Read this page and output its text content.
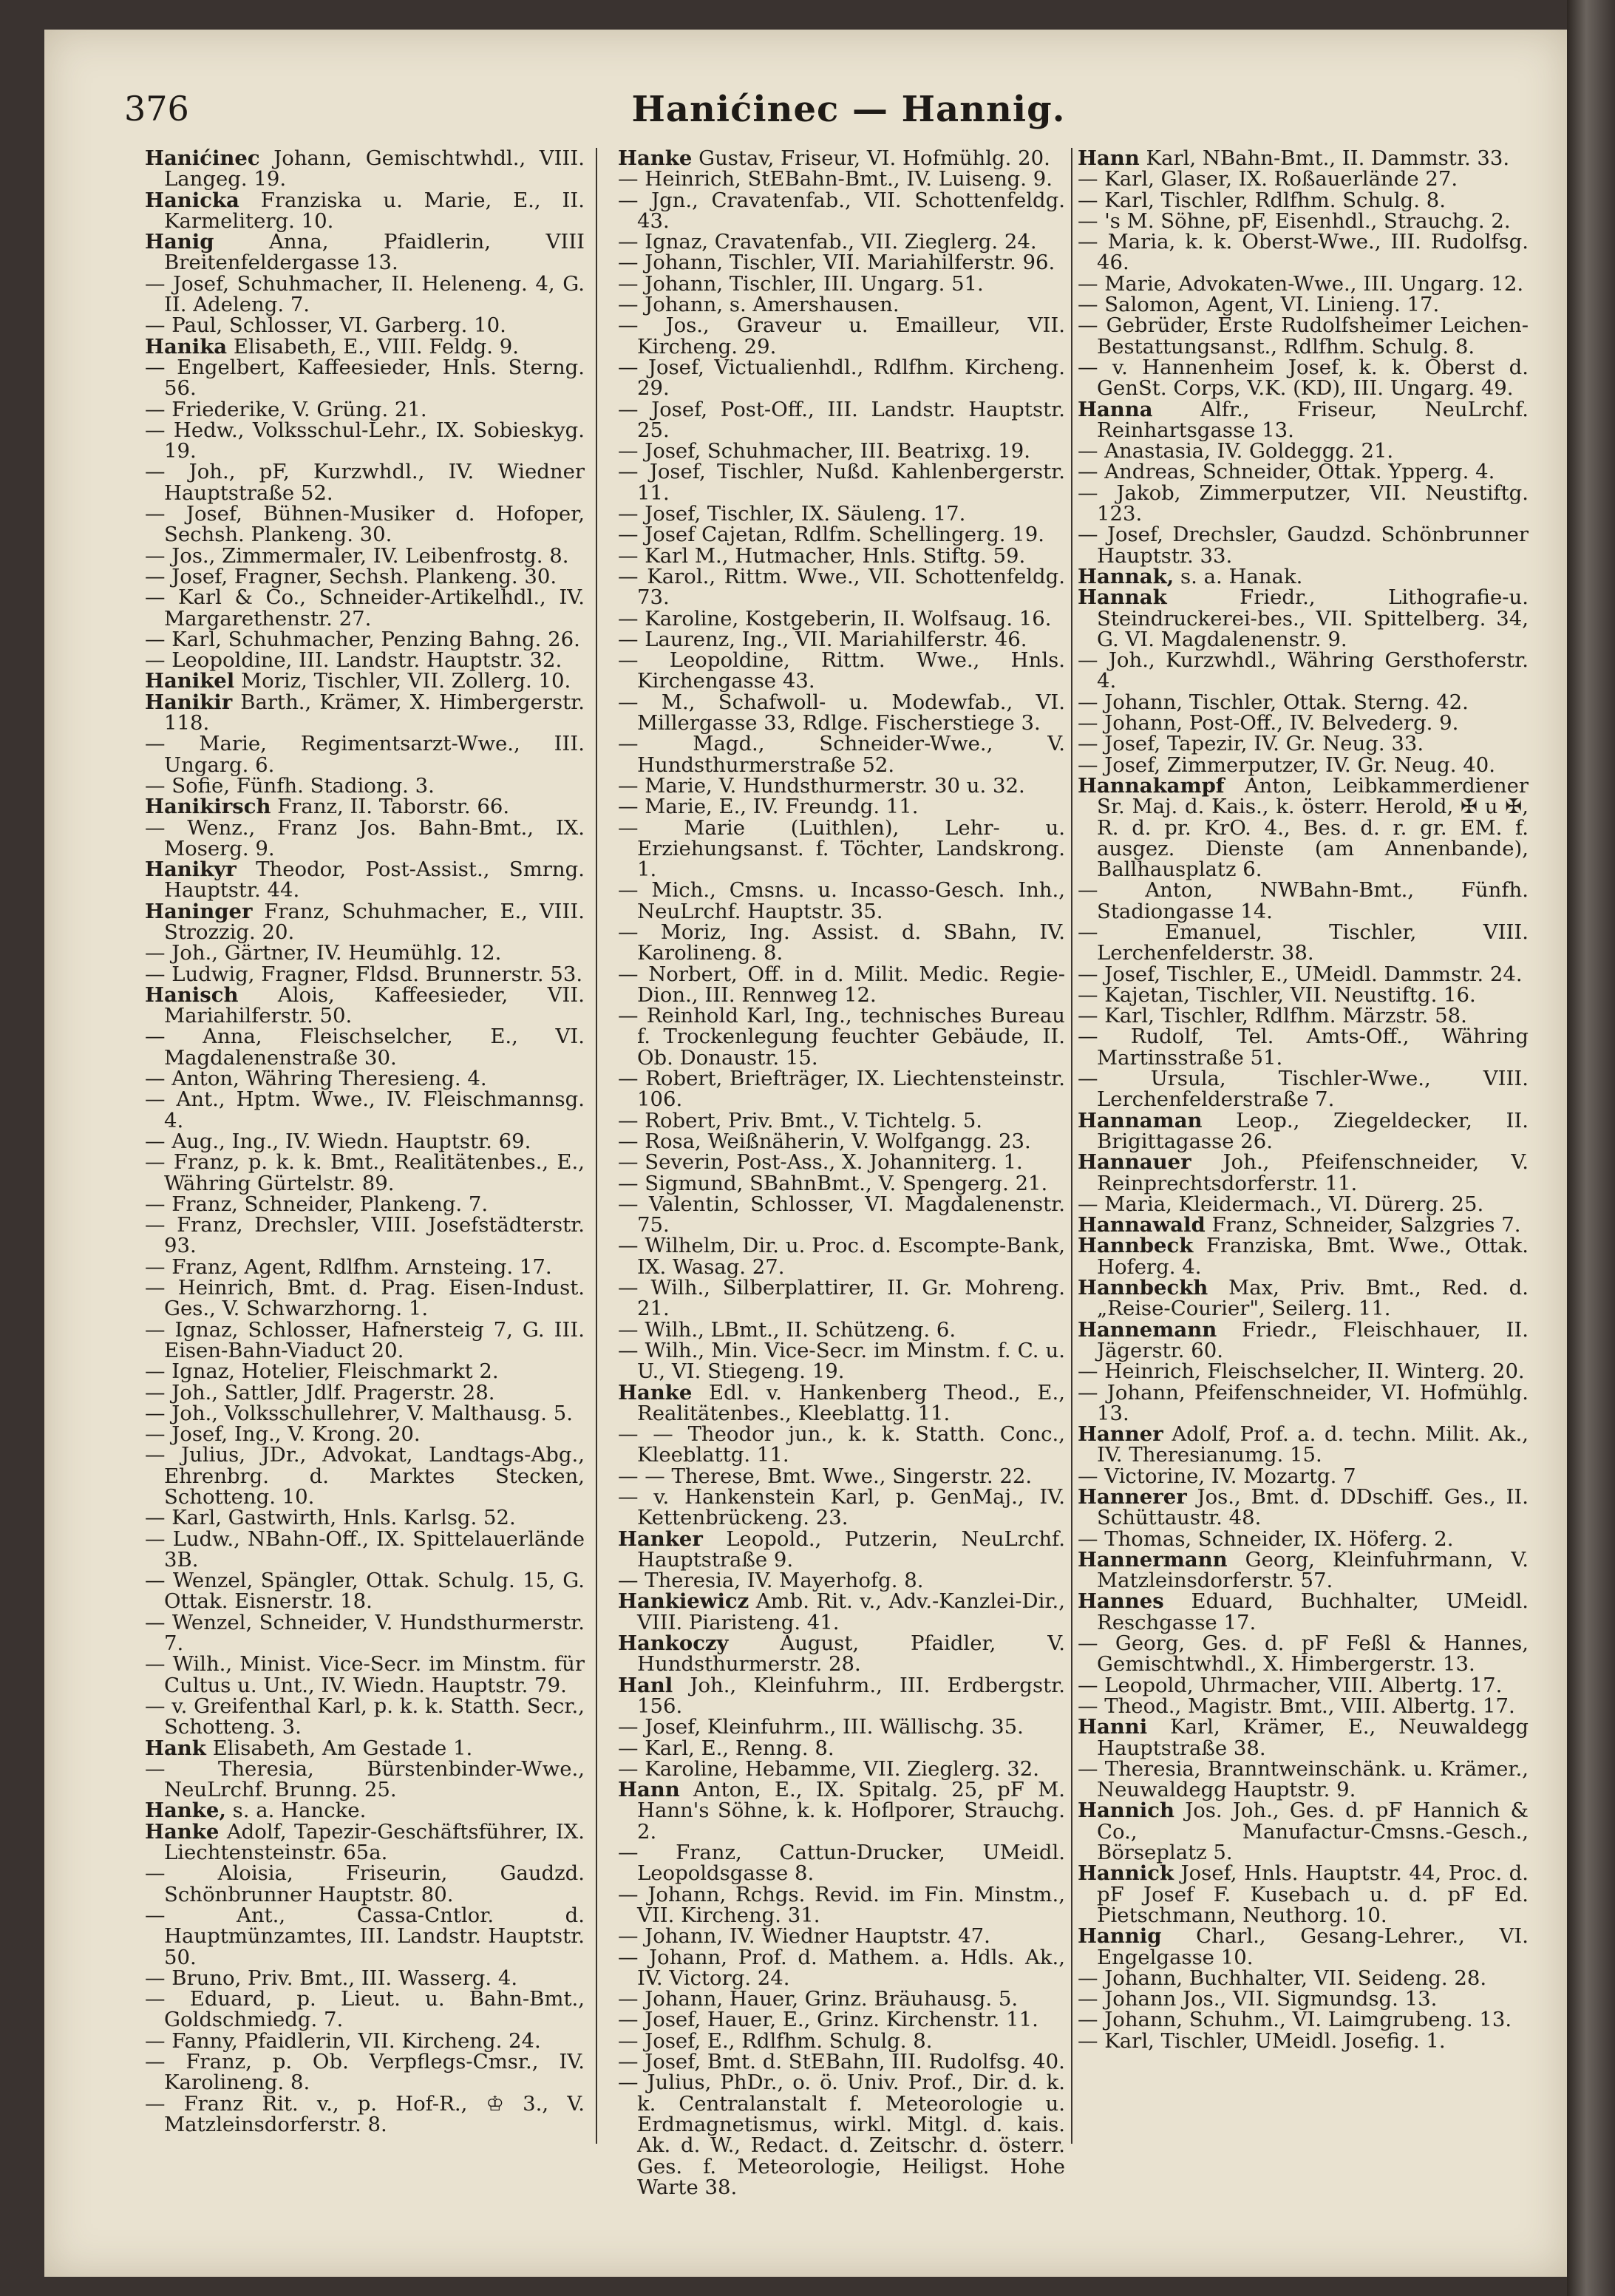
376	Hanićinec — Hannig.

Hanićinec Johann, Gemischtwhdl., VIII. Langeg. 19.

Hanicka Franziska u. Marie, E., II. Karmeliterg. 10.

Hanig Anna, Pfaidlerin, VIII Breitenfeldergasse 13.

— Josef, Schuhmacher, II. Heleneng. 4, G. II. Adeleng. 7.

— Paul, Schlosser, VI. Garberg. 10.

Hanika Elisabeth, E., VIII. Feldg. 9.

— Engelbert, Kaffeesieder, Hnls. Sterng. 56.

— Friederike, V. Grüng. 21.

— Hedw., Volksschul-Lehr., IX. Sobieskyg. 19.

— Joh., pF, Kurzwhdl., IV. Wiedner Hauptstraße 52.

— Josef, Bühnen-Musiker d. Hofoper, Sechsh. Plankeng. 30.

— Jos., Zimmermaler, IV. Leibenfrostg. 8.

— Josef, Fragner, Sechsh. Plankeng. 30.

— Karl & Co., Schneider-Artikelhdl., IV. Margarethenstr. 27.

— Karl, Schuhmacher, Penzing Bahng. 26.

— Leopoldine, III. Landstr. Hauptstr. 32.

Hanikel Moriz, Tischler, VII. Zollerg. 10.

Hanikir Barth., Krämer, X. Himbergerstr. 118.

— Marie, Regimentsarzt-Wwe., III. Ungarg. 6.

— Sofie, Fünfh. Stadiong. 3.

Hanikirsch Franz, II. Taborstr. 66.

— Wenz., Franz Jos. Bahn-Bmt., IX. Moserg. 9.

Hanikyr Theodor, Post-Assist., Smrng. Hauptstr. 44.

Haninger Franz, Schuhmacher, E., VIII. Strozzig. 20.

— Joh., Gärtner, IV. Heumühlg. 12.

— Ludwig, Fragner, Fldsd. Brunnerstr. 53.

Hanisch Alois, Kaffeesieder, VII. Mariahilferstr. 50.

— Anna, Fleischselcher, E., VI. Magdalenenstraße 30.

— Anton, Währing Theresieng. 4.

— Ant., Hptm. Wwe., IV. Fleischmannsg. 4.

— Aug., Ing., IV. Wiedn. Hauptstr. 69.

— Franz, p. k. k. Bmt., Realitätenbes., E., Währing Gürtelstr. 89.

— Franz, Schneider, Plankeng. 7.

— Franz, Drechsler, VIII. Josefstädterstr. 93.

— Franz, Agent, Rdlfhm. Arnsteing. 17.

— Heinrich, Bmt. d. Prag. Eisen-Indust. Ges., V. Schwarzhorng. 1.

— Ignaz, Schlosser, Hafnersteig 7, G. III. Eisen-Bahn-Viaduct 20.

— Ignaz, Hotelier, Fleischmarkt 2.

— Joh., Sattler, Jdlf. Pragerstr. 28.

— Joh., Volksschullehrer, V. Malthausg. 5.

— Josef, Ing., V. Krong. 20.

— Julius, JDr., Advokat, Landtags-Abg., Ehrenbrg. d. Marktes Stecken, Schotteng. 10.

— Karl, Gastwirth, Hnls. Karlsg. 52.

— Ludw., NBahn-Off., IX. Spittelauerlände 3B.

— Wenzel, Spängler, Ottak. Schulg. 15, G. Ottak. Eisnerstr. 18.

— Wenzel, Schneider, V. Hundsthurmerstr. 7.

— Wilh., Minist. Vice-Secr. im Minstm. für Cultus u. Unt., IV. Wiedn. Hauptstr. 79.

— v. Greifenthal Karl, p. k. k. Statth. Secr., Schotteng. 3.

Hank Elisabeth, Am Gestade 1.

— Theresia, Bürstenbinder-Wwe., NeuLrchf. Brunng. 25.

Hanke, s. a. Hancke.

Hanke Adolf, Tapezir-Geschäftsführer, IX. Liechtensteinstr. 65a.

— Aloisia, Friseurin, Gaudzd. Schönbrunner Hauptstr. 80.

— Ant., Cassa-Cntlor. d. Hauptmünzamtes, III. Landstr. Hauptstr. 50.

— Bruno, Priv. Bmt., III. Wasserg. 4.

— Eduard, p. Lieut. u. Bahn-Bmt., Goldschmiedg. 7.

— Fanny, Pfaidlerin, VII. Kircheng. 24.

— Franz, p. Ob. Verpflegs-Cmsr., IV. Karolineng. 8.

— Franz Rit. v., p. Hof-R., ♔ 3., V. Matzleinsdorferstr. 8.

Hanke Gustav, Friseur, VI. Hofmühlg. 20.

— Heinrich, StEBahn-Bmt., IV. Luiseng. 9.

— Jgn., Cravatenfab., VII. Schottenfeldg. 43.

— Ignaz, Cravatenfab., VII. Zieglerg. 24.

— Johann, Tischler, VII. Mariahilferstr. 96.

— Johann, Tischler, III. Ungarg. 51.

— Johann, s. Amershausen.

— Jos., Graveur u. Emailleur, VII. Kircheng. 29.

— Josef, Victualienhdl., Rdlfhm. Kircheng. 29.

— Josef, Post-Off., III. Landstr. Hauptstr. 25.

— Josef, Schuhmacher, III. Beatrixg. 19.

— Josef, Tischler, Nußd. Kahlenbergerstr. 11.

— Josef, Tischler, IX. Säuleng. 17.

— Josef Cajetan, Rdlfm. Schellingerg. 19.

— Karl M., Hutmacher, Hnls. Stiftg. 59.

— Karol., Rittm. Wwe., VII. Schottenfeldg. 73.

— Karoline, Kostgeberin, II. Wolfsaug. 16.

— Laurenz, Ing., VII. Mariahilferstr. 46.

— Leopoldine, Rittm. Wwe., Hnls. Kirchengasse 43.

— M., Schafwoll- u. Modewfab., VI. Millergasse 33, Rdlge. Fischerstiege 3.

— Magd., Schneider-Wwe., V. Hundsthurmerstraße 52.

— Marie, V. Hundsthurmerstr. 30 u. 32.

— Marie, E., IV. Freundg. 11.

— Marie (Luithlen), Lehr- u. Erziehungsanst. f. Töchter, Landskrong. 1.

— Mich., Cmsns. u. Incasso-Gesch. Inh., NeuLrchf. Hauptstr. 35.

— Moriz, Ing. Assist. d. SBahn, IV. Karolineng. 8.

— Norbert, Off. in d. Milit. Medic. Regie-Dion., III. Rennweg 12.

— Reinhold Karl, Ing., technisches Bureau f. Trockenlegung feuchter Gebäude, II. Ob. Donaustr. 15.

— Robert, Briefträger, IX. Liechtensteinstr. 106.

— Robert, Priv. Bmt., V. Tichtelg. 5.

— Rosa, Weißnäherin, V. Wolfgangg. 23.

— Severin, Post-Ass., X. Johanniterg. 1.

— Sigmund, SBahnBmt., V. Spengerg. 21.

— Valentin, Schlosser, VI. Magdalenenstr. 75.

— Wilhelm, Dir. u. Proc. d. Escompte-Bank, IX. Wasag. 27.

— Wilh., Silberplattirer, II. Gr. Mohreng. 21.

— Wilh., LBmt., II. Schützeng. 6.

— Wilh., Min. Vice-Secr. im Minstm. f. C. u. U., VI. Stiegeng. 19.

Hanke Edl. v. Hankenberg Theod., E., Realitätenbes., Kleeblattg. 11.

— — Theodor jun., k. k. Statth. Conc., Kleeblattg. 11.

— — Therese, Bmt. Wwe., Singerstr. 22.

— v. Hankenstein Karl, p. GenMaj., IV. Kettenbrückeng. 23.

Hanker Leopold., Putzerin, NeuLrchf. Hauptstraße 9.

— Theresia, IV. Mayerhofg. 8.

Hankiewicz Amb. Rit. v., Adv.-Kanzlei-Dir., VIII. Piaristeng. 41.

Hankoczy August, Pfaidler, V. Hundsthurmerstr. 28.

Hanl Joh., Kleinfuhrm., III. Erdbergstr. 156.

— Josef, Kleinfuhrm., III. Wällischg. 35.

— Karl, E., Renng. 8.

— Karoline, Hebamme, VII. Zieglerg. 32.

Hann Anton, E., IX. Spitalg. 25, pF M. Hann's Söhne, k. k. Hoflporer, Strauchg. 2.

— Franz, Cattun-Drucker, UMeidl. Leopoldsgasse 8.

— Johann, Rchgs. Revid. im Fin. Minstm., VII. Kircheng. 31.

— Johann, IV. Wiedner Hauptstr. 47.

— Johann, Prof. d. Mathem. a. Hdls. Ak., IV. Victorg. 24.

— Johann, Hauer, Grinz. Bräuhausg. 5.

— Josef, Hauer, E., Grinz. Kirchenstr. 11.

— Josef, E., Rdlfhm. Schulg. 8.

— Josef, Bmt. d. StEBahn, III. Rudolfsg. 40.

— Julius, PhDr., o. ö. Univ. Prof., Dir. d. k. k. Centralanstalt f. Meteorologie u. Erdmagnetismus, wirkl. Mitgl. d. kais. Ak. d. W., Redact. d. Zeitschr. d. österr. Ges. f. Meteorologie, Heiligst. Hohe Warte 38.

Hann Karl, NBahn-Bmt., II. Dammstr. 33.

— Karl, Glaser, IX. Roßauerlände 27.

— Karl, Tischler, Rdlfhm. Schulg. 8.

— 's M. Söhne, pF, Eisenhdl., Strauchg. 2.

— Maria, k. k. Oberst-Wwe., III. Rudolfsg. 46.

— Marie, Advokaten-Wwe., III. Ungarg. 12.

— Salomon, Agent, VI. Linieng. 17.

— Gebrüder, Erste Rudolfsheimer Leichen-Bestattungsanst., Rdlfhm. Schulg. 8.

— v. Hannenheim Josef, k. k. Oberst d. GenSt. Corps, V.K. (KD), III. Ungarg. 49.

Hanna Alfr., Friseur, NeuLrchf. Reinhartsgasse 13.

— Anastasia, IV. Goldeggg. 21.

— Andreas, Schneider, Ottak. Ypperg. 4.

— Jakob, Zimmerputzer, VII. Neustiftg. 123.

— Josef, Drechsler, Gaudzd. Schönbrunner Hauptstr. 33.

Hannak, s. a. Hanak.

Hannak Friedr., Lithografie-u. Steindruckerei-bes., VII. Spittelberg. 34, G. VI. Magdalenenstr. 9.

— Joh., Kurzwhdl., Währing Gersthoferstr. 4.

— Johann, Tischler, Ottak. Sterng. 42.

— Johann, Post-Off., IV. Belvederg. 9.

— Josef, Tapezir, IV. Gr. Neug. 33.

— Josef, Zimmerputzer, IV. Gr. Neug. 40.

Hannakampf Anton, Leibkammerdiener Sr. Maj. d. Kais., k. österr. Herold, ✠ u ✠, R. d. pr. KrO. 4., Bes. d. r. gr. EM. f. ausgez. Dienste (am Annenbande), Ballhausplatz 6.

— Anton, NWBahn-Bmt., Fünfh. Stadiongasse 14.

— Emanuel, Tischler, VIII. Lerchenfelderstr. 38.

— Josef, Tischler, E., UMeidl. Dammstr. 24.

— Kajetan, Tischler, VII. Neustiftg. 16.

— Karl, Tischler, Rdlfhm. Märzstr. 58.

— Rudolf, Tel. Amts-Off., Währing Martinsstraße 51.

— Ursula, Tischler-Wwe., VIII. Lerchenfelderstraße 7.

Hannaman Leop., Ziegeldecker, II. Brigittagasse 26.

Hannauer Joh., Pfeifenschneider, V. Reinprechtsdorferstr. 11.

— Maria, Kleidermach., VI. Dürerg. 25.

Hannawald Franz, Schneider, Salzgries 7.

Hannbeck Franziska, Bmt. Wwe., Ottak. Hoferg. 4.

Hannbeckh Max, Priv. Bmt., Red. d. „Reise-Courier", Seilerg. 11.

Hannemann Friedr., Fleischhauer, II. Jägerstr. 60.

— Heinrich, Fleischselcher, II. Winterg. 20.

— Johann, Pfeifenschneider, VI. Hofmühlg. 13.

Hanner Adolf, Prof. a. d. techn. Milit. Ak., IV. Theresianumg. 15.

— Victorine, IV. Mozartg. 7

Hannerer Jos., Bmt. d. DDschiff. Ges., II. Schüttaustr. 48.

— Thomas, Schneider, IX. Höferg. 2.

Hannermann Georg, Kleinfuhrmann, V. Matzleinsdorferstr. 57.

Hannes Eduard, Buchhalter, UMeidl. Reschgasse 17.

— Georg, Ges. d. pF Feßl & Hannes, Gemischtwhdl., X. Himbergerstr. 13.

— Leopold, Uhrmacher, VIII. Albertg. 17.

— Theod., Magistr. Bmt., VIII. Albertg. 17.

Hanni Karl, Krämer, E., Neuwaldegg Hauptstraße 38.

— Theresia, Branntweinschänk. u. Krämer., Neuwaldegg Hauptstr. 9.

Hannich Jos. Joh., Ges. d. pF Hannich & Co., Manufactur-Cmsns.-Gesch., Börseplatz 5.

Hannick Josef, Hnls. Hauptstr. 44, Proc. d. pF Josef F. Kusebach u. d. pF Ed. Pietschmann, Neuthorg. 10.

Hannig Charl., Gesang-Lehrer., VI. Engelgasse 10.

— Johann, Buchhalter, VII. Seideng. 28.

— Johann Jos., VII. Sigmundsg. 13.

— Johann, Schuhm., VI. Laimgrubeng. 13.

— Karl, Tischler, UMeidl. Josefig. 1.
